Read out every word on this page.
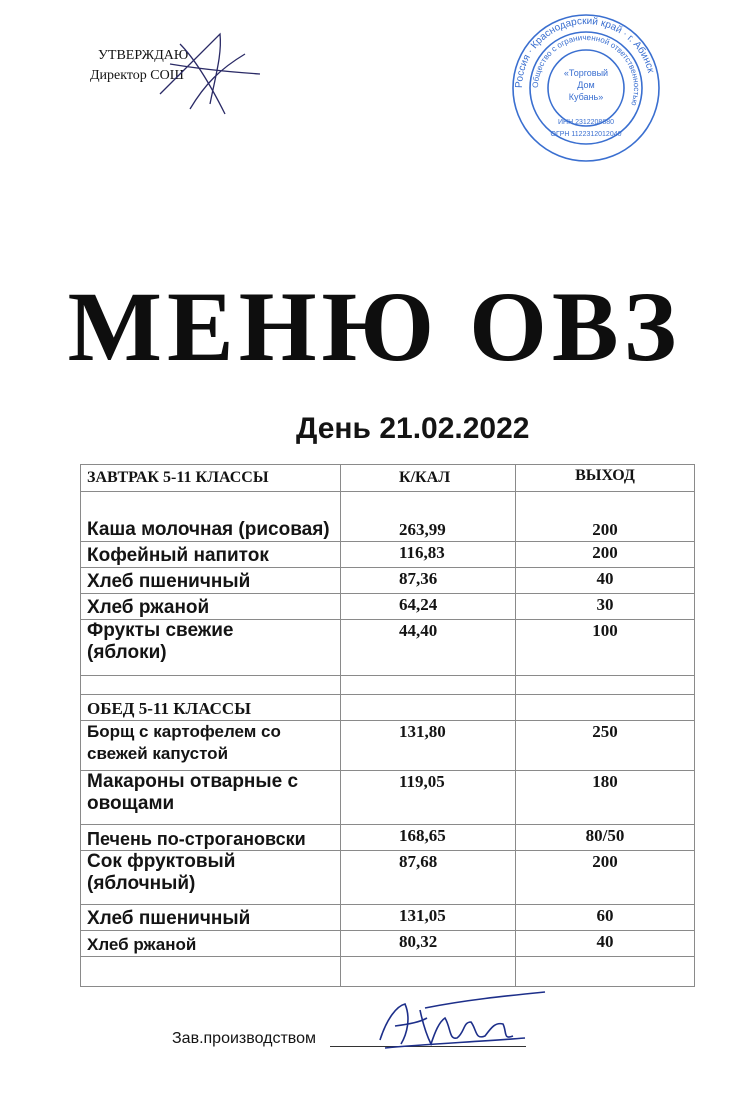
УТВЕРЖДАЮ
Директор СОШ
Россия · Краснодарский край · г. Абинск
Общество с ограниченной ответственностью
«Торговый
Дом
Кубань»
ИНН 2312208880
ОГРН 1122312012040
МЕНЮ ОВЗ
День 21.02.2022
ЗАВТРАК 5-11 КЛАССЫ	К/КАЛ	ВЫХОД
Каша молочная (рисовая)	263,99	200
Кофейный напиток	116,83	200
Хлеб пшеничный	87,36	40
Хлеб ржаной	64,24	30
Фрукты свежие (яблоки)	44,40	100

ОБЕД 5-11 КЛАССЫ		
Борщ с картофелем со свежей капустой	131,80	250
Макароны отварные с овощами	119,05	180
Печень по-строгановски	168,65	80/50
Сок фруктовый (яблочный)	87,68	200
Хлеб пшеничный	131,05	60
Хлеб ржаной	80,32	40

Зав.производством
